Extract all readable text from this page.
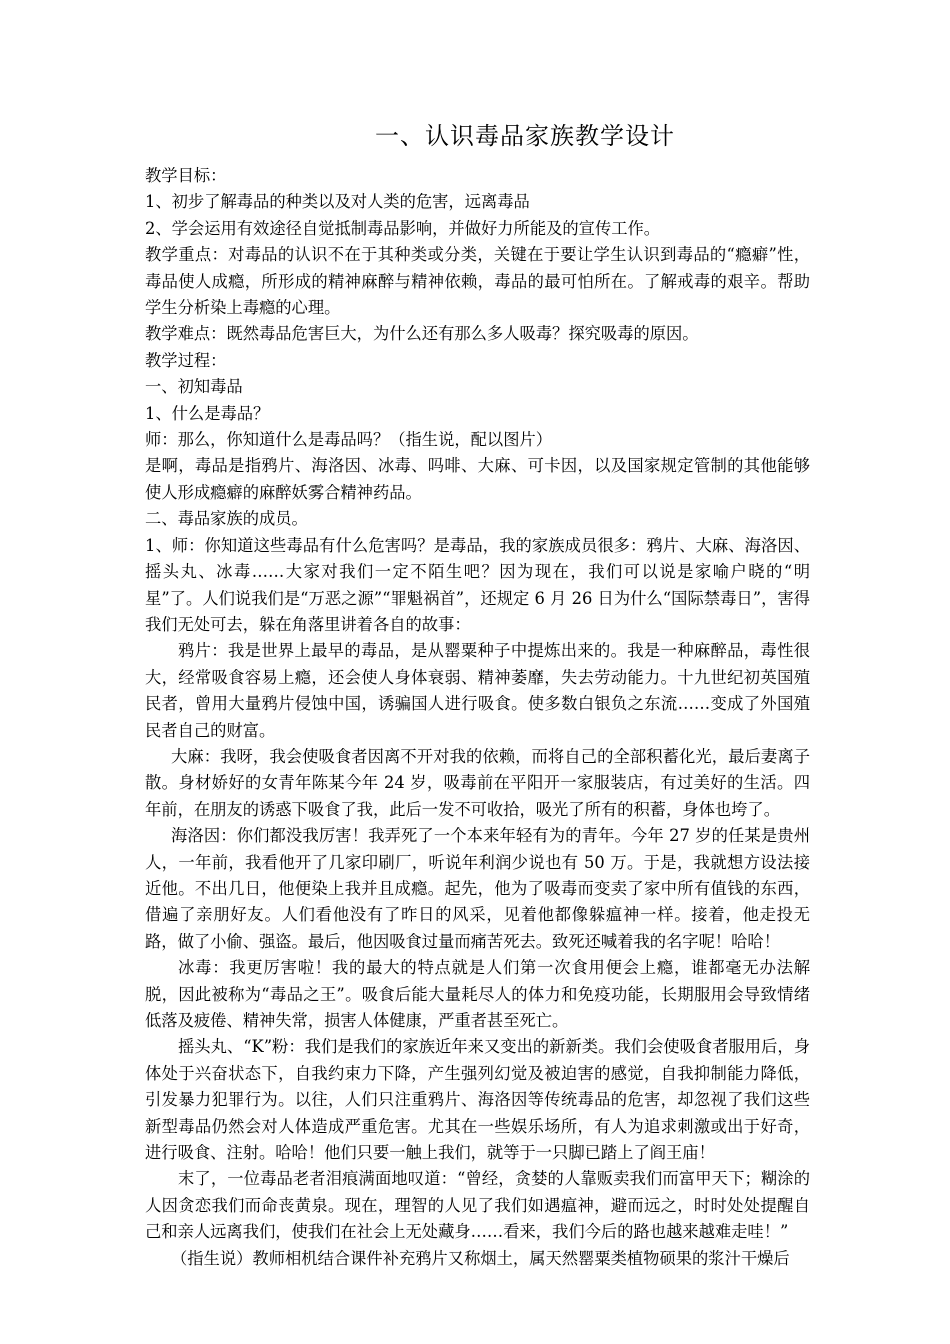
一、认识毒品家族教学设计

教学目标：

1、初步了解毒品的种类以及对人类的危害，远离毒品

2、学会运用有效途径自觉抵制毒品影响，并做好力所能及的宣传工作。

教学重点：对毒品的认识不在于其种类或分类，关键在于要让学生认识到毒品的“瘾癖”性，毒品使人成瘾，所形成的精神麻醉与精神依赖，毒品的最可怕所在。了解戒毒的艰辛。帮助学生分析染上毒瘾的心理。

教学难点：既然毒品危害巨大，为什么还有那么多人吸毒？探究吸毒的原因。

教学过程：

一、初知毒品

1、什么是毒品？

师：那么，你知道什么是毒品吗？（指生说，配以图片）

是啊，毒品是指鸦片、海洛因、冰毒、吗啡、大麻、可卡因，以及国家规定管制的其他能够使人形成瘾癖的麻醉妖雾合精神药品。

二、毒品家族的成员。

1、师：你知道这些毒品有什么危害吗？是毒品，我的家族成员很多：鸦片、大麻、海洛因、摇头丸、冰毒……大家对我们一定不陌生吧？因为现在，我们可以说是家喻户晓的“明星”了。人们说我们是“万恶之源”“罪魁祸首”，还规定 6 月 26 日为什么“国际禁毒日”，害得我们无处可去，躲在角落里讲着各自的故事：

鸦片：我是世界上最早的毒品，是从罂粟种子中提炼出来的。我是一种麻醉品，毒性很大，经常吸食容易上瘾，还会使人身体衰弱、精神萎靡，失去劳动能力。十九世纪初英国殖民者，曾用大量鸦片侵蚀中国，诱骗国人进行吸食。使多数白银负之东流……变成了外国殖民者自己的财富。

大麻：我呀，我会使吸食者因离不开对我的依赖，而将自己的全部积蓄化光，最后妻离子散。身材娇好的女青年陈某今年 24 岁，吸毒前在平阳开一家服装店，有过美好的生活。四年前，在朋友的诱惑下吸食了我，此后一发不可收拾，吸光了所有的积蓄，身体也垮了。

海洛因：你们都没我厉害！我弄死了一个本来年轻有为的青年。今年 27 岁的任某是贵州人，一年前，我看他开了几家印刷厂，听说年利润少说也有 50 万。于是，我就想方设法接近他。不出几日，他便染上我并且成瘾。起先，他为了吸毒而变卖了家中所有值钱的东西，借遍了亲朋好友。人们看他没有了昨日的风采，见着他都像躲瘟神一样。接着，他走投无路，做了小偷、强盗。最后，他因吸食过量而痛苦死去。致死还喊着我的名字呢！哈哈！

冰毒：我更厉害啦！我的最大的特点就是人们第一次食用便会上瘾，谁都毫无办法解脱，因此被称为“毒品之王”。吸食后能大量耗尽人的体力和免疫功能，长期服用会导致情绪低落及疲倦、精神失常，损害人体健康，严重者甚至死亡。

摇头丸、“K”粉：我们是我们的家族近年来又变出的新新类。我们会使吸食者服用后，身体处于兴奋状态下，自我约束力下降，产生强列幻觉及被迫害的感觉，自我抑制能力降低，引发暴力犯罪行为。以往，人们只注重鸦片、海洛因等传统毒品的危害，却忽视了我们这些新型毒品仍然会对人体造成严重危害。尤其在一些娱乐场所，有人为追求刺激或出于好奇，进行吸食、注射。哈哈！他们只要一触上我们，就等于一只脚已踏上了阎王庙！

末了，一位毒品老者泪痕满面地叹道：“曾经，贪婪的人靠贩卖我们而富甲天下；糊涂的人因贪恋我们而命丧黄泉。现在，理智的人见了我们如遇瘟神，避而远之，时时处处提醒自己和亲人远离我们，使我们在社会上无处藏身……看来，我们今后的路也越来越难走哇！”

（指生说）教师相机结合课件补充鸦片又称烟土，属天然罂粟类植物硕果的浆汁干燥后
